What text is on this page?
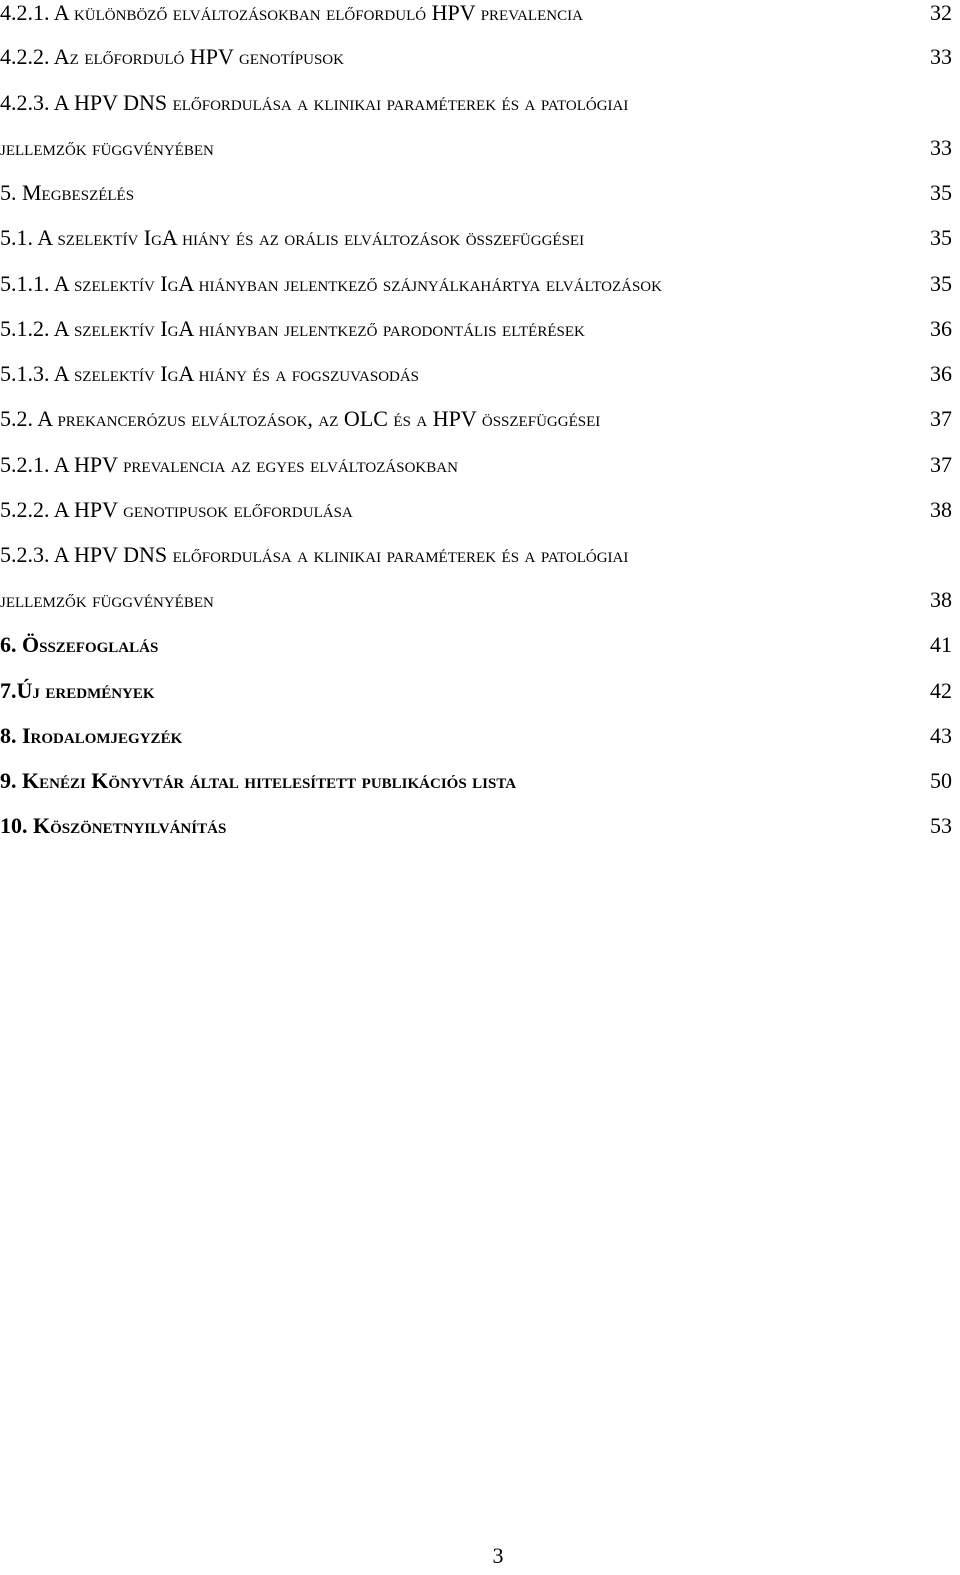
4.2.1. A különböző elváltozásokban előforduló HPV prevalencia	32
4.2.2. Az előforduló HPV genotípusok	33
4.2.3. A HPV DNS előfordulása a klinikai paraméterek és a patológiai
jellemzők függvényében	33
5. Megbeszélés	35
5.1. A szelektív IgA hiány és az orális elváltozások összefüggései	35
5.1.1. A szelektív IgA hiányban jelentkező szájnyálkahártya elváltozások	35
5.1.2. A szelektív IgA hiányban jelentkező parodontális eltérések	36
5.1.3. A szelektív IgA hiány és a fogszuvasodás	36
5.2. A prekancerózus elváltozások, az OLC és a HPV összefüggései	37
5.2.1. A HPV prevalencia az egyes elváltozásokban	37
5.2.2. A HPV genotipusok előfordulása	38
5.2.3. A HPV DNS előfordulása a klinikai paraméterek és a patológiai
jellemzők függvényében	38
6. Összefoglalás	41
7.Új eredmények	42
8. Irodalomjegyzék	43
9. Kenézi Könyvtár által hitelesített publikációs lista	50
10. Köszönetnyilvánítás	53
3
